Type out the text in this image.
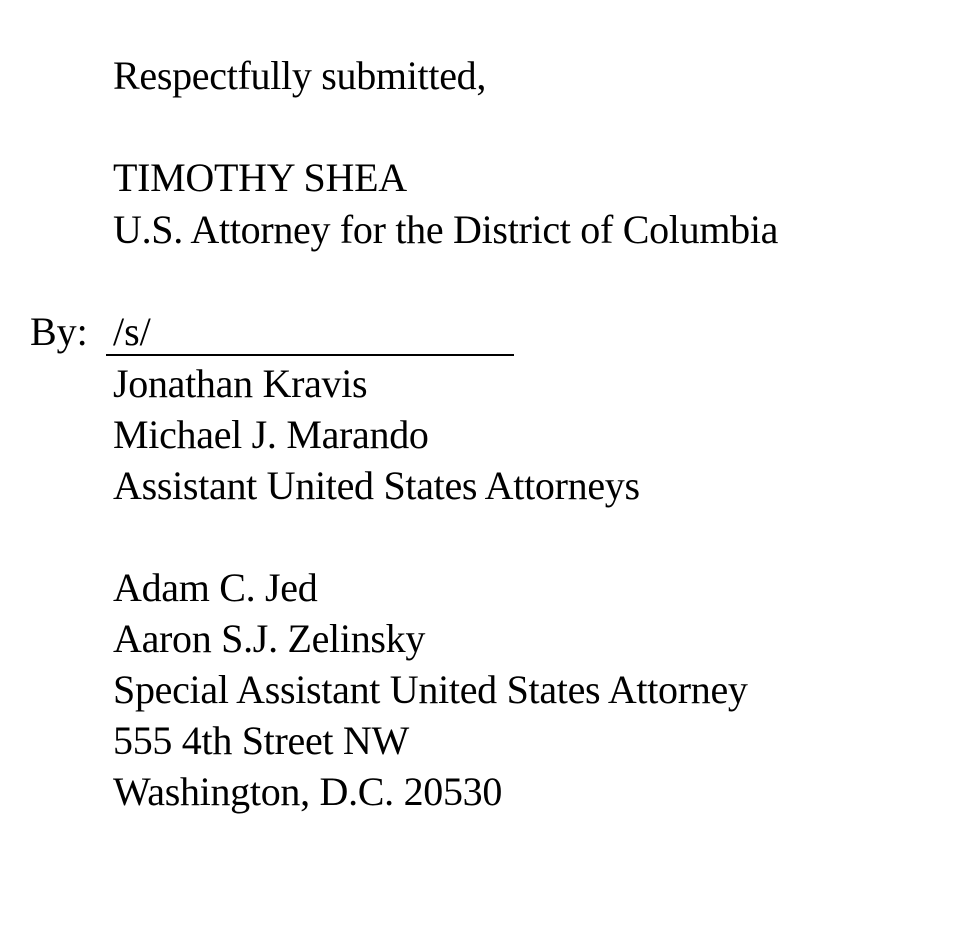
Respectfully submitted,
TIMOTHY SHEA
U.S. Attorney for the District of Columbia
By: /s/
Jonathan Kravis
Michael J. Marando
Assistant United States Attorneys
Adam C. Jed
Aaron S.J. Zelinsky
Special Assistant United States Attorney
555 4th Street NW
Washington, D.C. 20530
